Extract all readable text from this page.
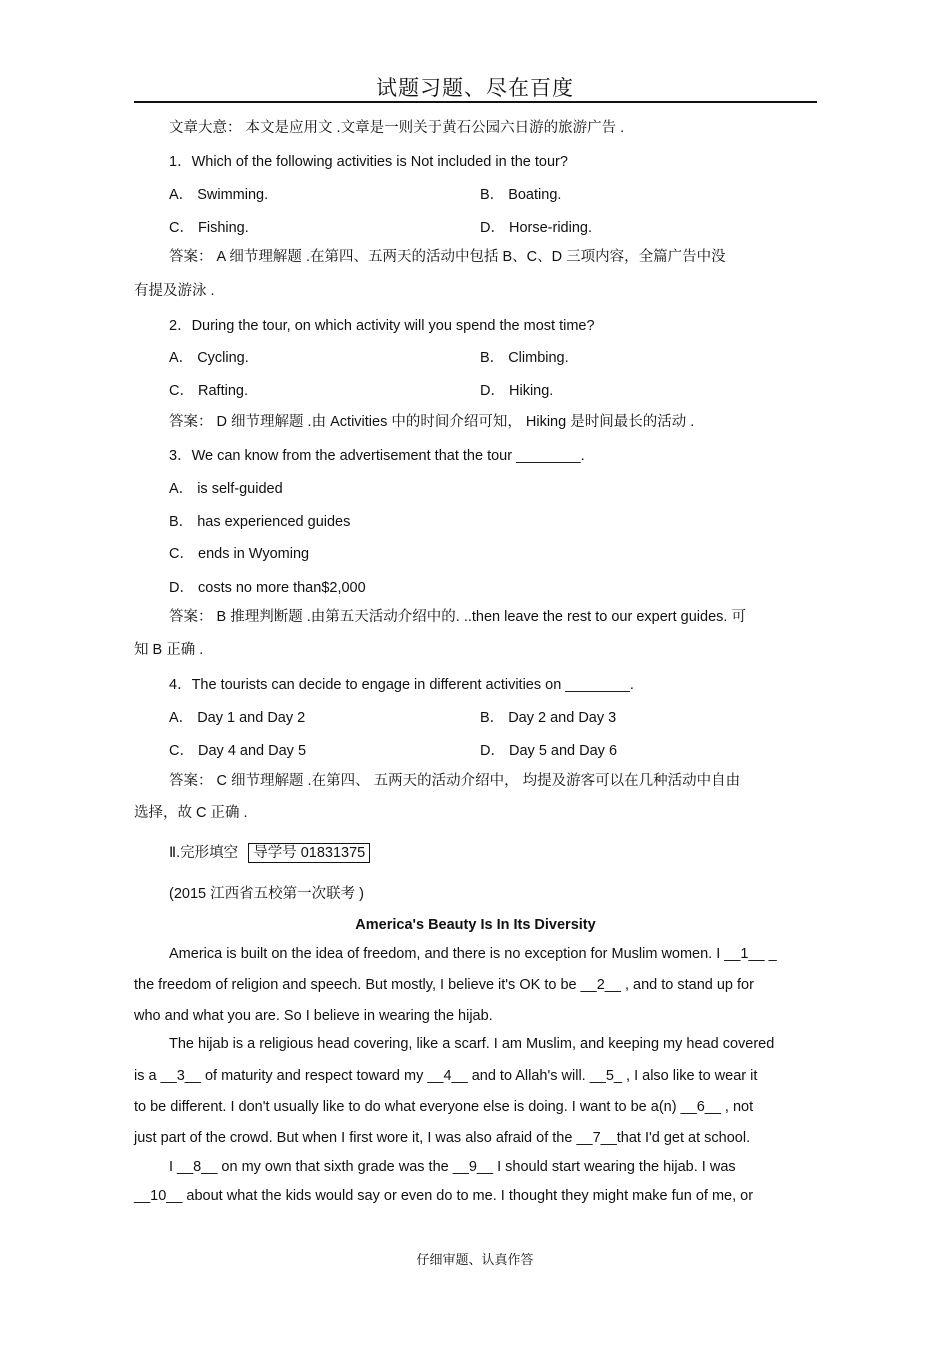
试题习题、尽在百度
文章大意： 本文是应用文 .文章是一则关于黄石公园六日游的旅游广告 .
1．Which of the following activities is Not included in the tour?
A． Swimming.	B． Boating.
C． Fishing.	D． Horse-riding.
答案： A 细节理解题 .在第四、五两天的活动中包括 B、C、D 三项内容，全篇广告中没
有提及游泳 .
2．During the tour, on which activity will you spend the most time?
A． Cycling.	B． Climbing.
C． Rafting.	D． Hiking.
答案： D 细节理解题 .由 Activities 中的时间介绍可知， Hiking 是时间最长的活动 .
3．We can know from the advertisement that the tour ________.
A． is self-guided
B． has experienced guides
C． ends in Wyoming
D． costs no more than$2,000
答案： B 推理判断题 .由第五天活动介绍中的. ..then leave the rest to our expert guides. 可
知 B 正确 .
4．The tourists can decide to engage in different activities on ________.
A． Day 1 and Day 2	B． Day 2 and Day 3
C． Day 4 and Day 5	D． Day 5 and Day 6
答案： C 细节理解题 .在第四、 五两天的活动介绍中， 均提及游客可以在几种活动中自由
选择，故 C 正确 .
Ⅱ.完形填空 导学号 01831375
(2015 江西省五校第一次联考 )
America's Beauty Is In Its Diversity
America is built on the idea of freedom, and there is no exception for Muslim women. I __1__ _
the freedom of religion and speech. But mostly, I believe it's OK to be __2__ , and to stand up for
who and what you are. So I believe in wearing the hijab.
The hijab is a religious head covering, like a scarf. I am Muslim, and keeping my head covered
is a __3__ of maturity and respect toward my __4__ and to Allah's will. __5_ , I also like to wear it
to be different. I don't usually like to do what everyone else is doing. I want to be a(n) __6__ , not
just part of the crowd. But when I first wore it, I was also afraid of the __7__that I'd get at school.
I __8__ on my own that sixth grade was the __9__ I should start wearing the hijab. I was
__10__ about what the kids would say or even do to me. I thought they might make fun of me, or
仔细审题、认真作答
